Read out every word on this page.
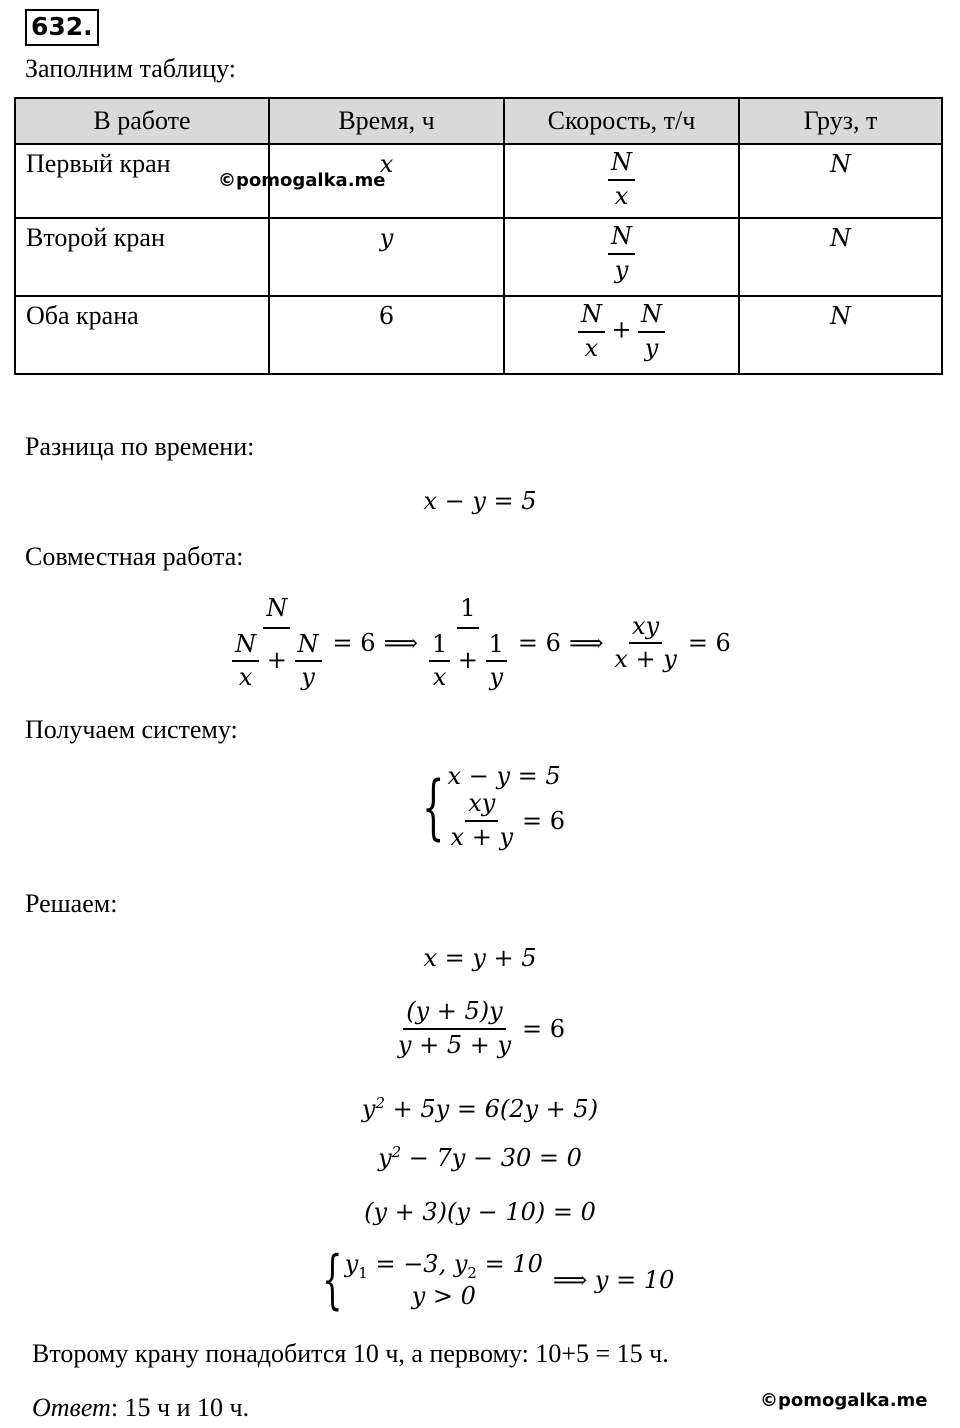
632.
Заполним таблицу:
В работе	Время, ч	Скорость, т/ч	Груз, т
Первый кран	x	$\frac{N}{x}$	N
Второй кран	y	$\frac{N}{y}$	N
Оба крана	6	$\frac{N}{x} + \frac{N}{y}$	N
©pomogalka.me
Разница по времени:
x − y = 5
Совместная работа:
$\frac{N}{\frac{N}{x} + \frac{N}{y}} = 6$ ⟹ $\frac{1}{\frac{1}{x} + \frac{1}{y}} = 6$ ⟹ $\frac{xy}{x + y} = 6$
Получаем систему:
{ x − y = 5
$\frac{xy}{x + y} = 6$
Решаем:
x = y + 5
$\frac{(y + 5)y}{y + 5 + y} = 6$
$y^2 + 5y = 6(2y + 5)$
$y^2 - 7y - 30 = 0$
(y + 3)(y − 10) = 0
{ $y_1 = -3$, $y_2 = 10$
y > 0
⟹ y = 10
Второму крану понадобится 10 ч, а первому: 10+5 = 15 ч.
Ответ: 15 ч и 10 ч.	©pomogalka.me
